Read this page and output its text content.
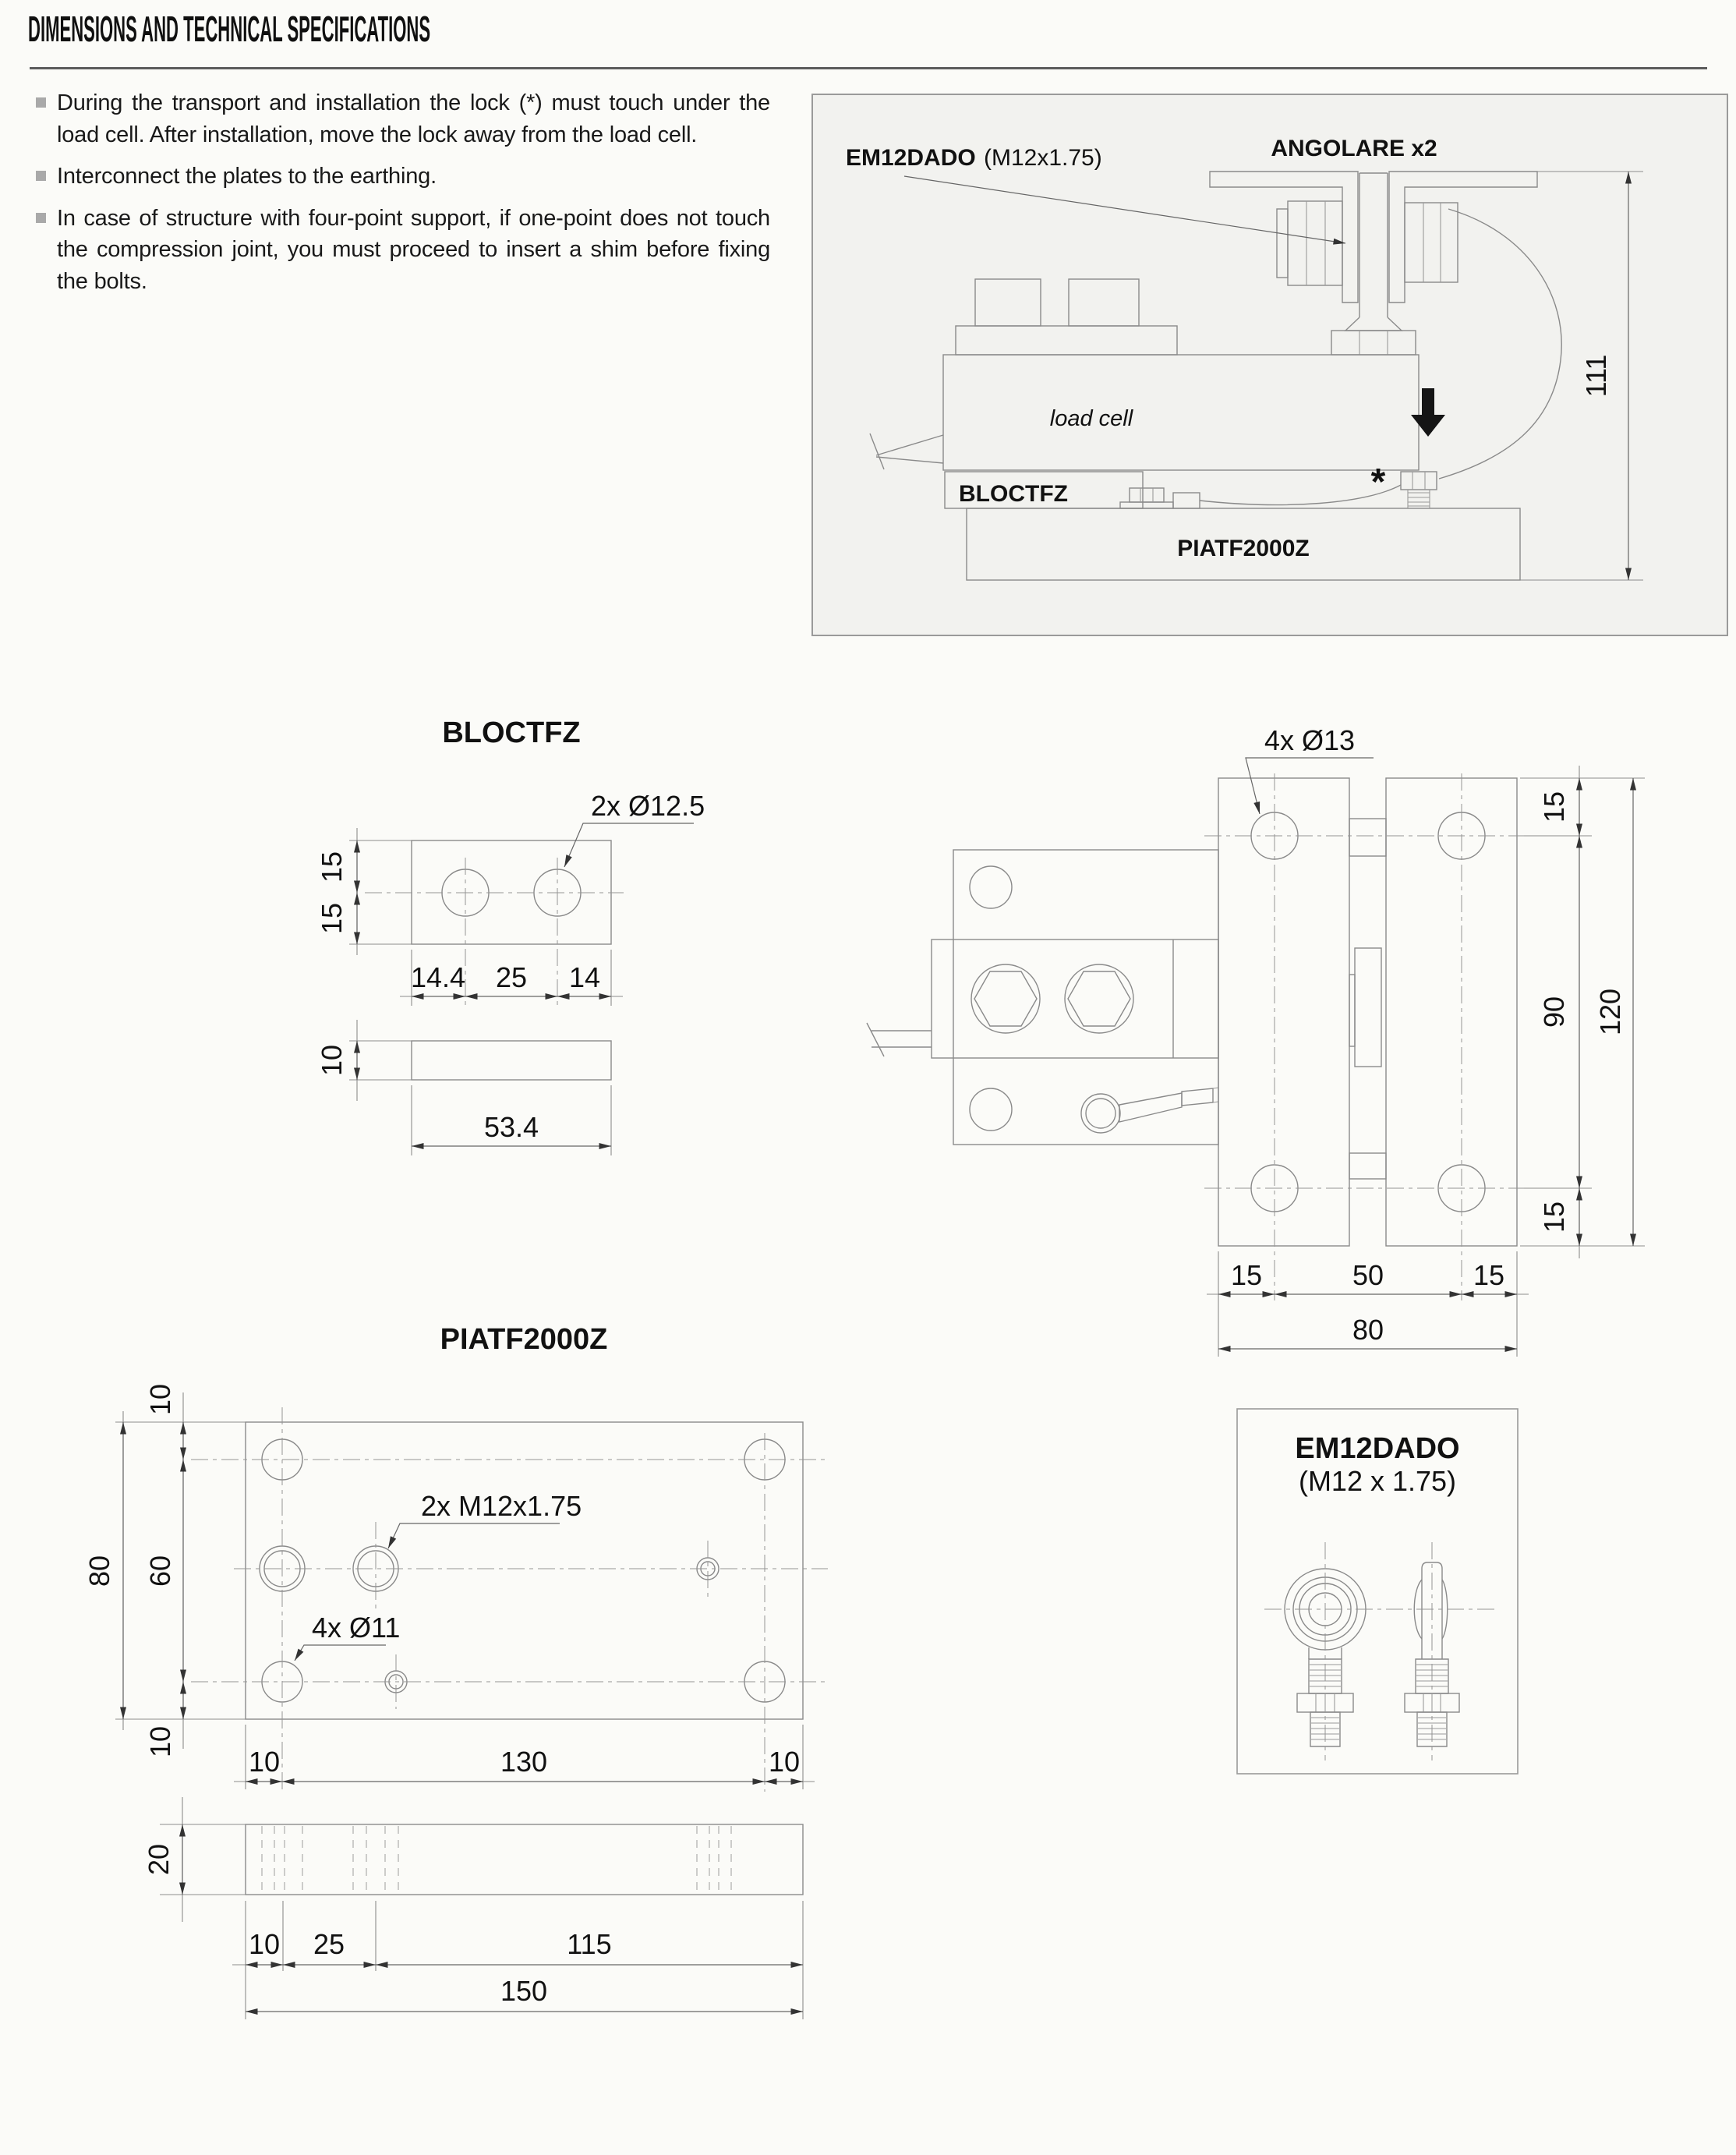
DIMENSIONS AND TECHNICAL SPECIFICATIONS
During the transport and installation the lock (*) must touch under the load cell. After installation, move the lock away from the load cell.
Interconnect the plates to the earthing.
In case of structure with four-point support, if one-point does not touch the compression joint, you must proceed to insert a shim before fixing the bolts.
ANGOLARE x2
EM12DADO (M12x1.75)
load cell
BLOCTFZ
PIATF2000Z
*
111
BLOCTFZ
2x Ø12.5
15
15
14.4 25 14
10
53.4
4x Ø13
15
90
15
120
15	50	15
80
PIATF2000Z
2x M12x1.75
4x Ø11
10
60
10
80
10	130	10
20
10 25	115
150
EM12DADO
(M12 x 1.75)
